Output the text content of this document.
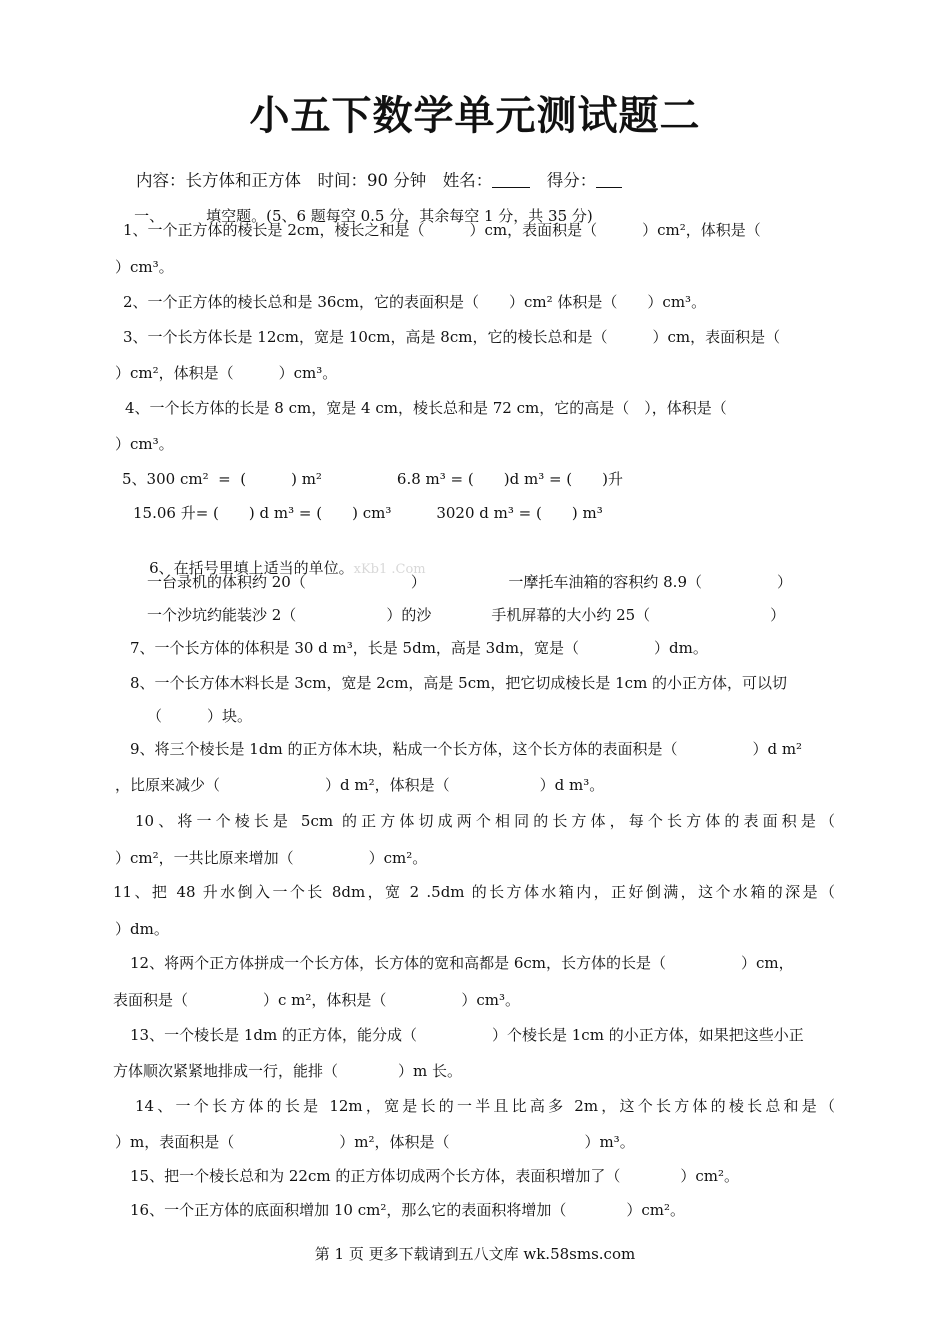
小五下数学单元测试题二

内容：长方体和正方体　 时间：90 分钟　 姓名：　	得分：

一、	填空题。(5、6 题每空 0.5 分，其余每空 1 分，共 35 分)

1、一个正方体的棱长是 2cm，棱长之和是（　　　）cm，表面积是（　　　）cm²，体积是（
）cm³。
2、一个正方体的棱长总和是 36cm，它的表面积是（　　）cm² 体积是（　　）cm³。
3、一个长方体长是 12cm，宽是 10cm，高是 8cm，它的棱长总和是（　　　）cm，表面积是（
）cm²，体积是（　　　）cm³。
4、一个长方体的长是 8 cm，宽是 4 cm，棱长总和是 72 cm，它的高是（　），体积是（
）cm³。
5、300 cm²  =  (　　　) m²　　　　　6.8 m³ = (　　)d m³ = (　　)升
15.06 升= (　　) d m³ = (　　) cm³　　　3020 d m³ = (　　) m³

6、在括号里填上适当的单位。xKb1 .Com

一台录机的体积约 20（　　　　　　　）　　　　　　一摩托车油箱的容积约 8.9（　　　　　）
一个沙坑约能装沙 2（　　　　　　）的沙　　　　手机屏幕的大小约 25（　　　　　　　　）
7、一个长方体的体积是 30 d m³，长是 5dm，高是 3dm，宽是（　　　　　）dm。
8、一个长方体木料长是 3cm，宽是 2cm，高是 5cm，把它切成棱长是 1cm 的小正方体，可以切
（　　　）块。
9、将三个棱长是 1dm 的正方体木块，粘成一个长方体，这个长方体的表面积是（　　　　　）d m²
，比原来减少（　　　　　　　）d m²，体积是（　　　　　　）d m³。
10、将一个棱长是 5cm 的正方体切成两个相同的长方体，每个长方体的表面积是（
）cm²，一共比原来增加（　　　　　）cm²。
11、把 48 升水倒入一个长 8dm，宽 2 .5dm 的长方体水箱内，正好倒满，这个水箱的深是（
）dm。
12、将两个正方体拼成一个长方体，长方体的宽和高都是 6cm，长方体的长是（　　　　　）cm，
表面积是（　　　　　）c m²，体积是（　　　　　）cm³。
13、一个棱长是 1dm 的正方体，能分成（　　　　　）个棱长是 1cm 的小正方体，如果把这些小正
方体顺次紧紧地排成一行，能排（　　　　）m 长。
14、一个长方体的长是 12m，宽是长的一半且比高多 2m，这个长方体的棱长总和是（
）m，表面积是（　　　　　　　）m²，体积是（　　　　　　　　　）m³。
15、把一个棱长总和为 22cm 的正方体切成两个长方体，表面积增加了（　　　　）cm²。
16、一个正方体的底面积增加 10 cm²，那么它的表面积将增加（　　　　）cm²。
第 1 页 更多下载请到五八文库 wk.58sms.com
